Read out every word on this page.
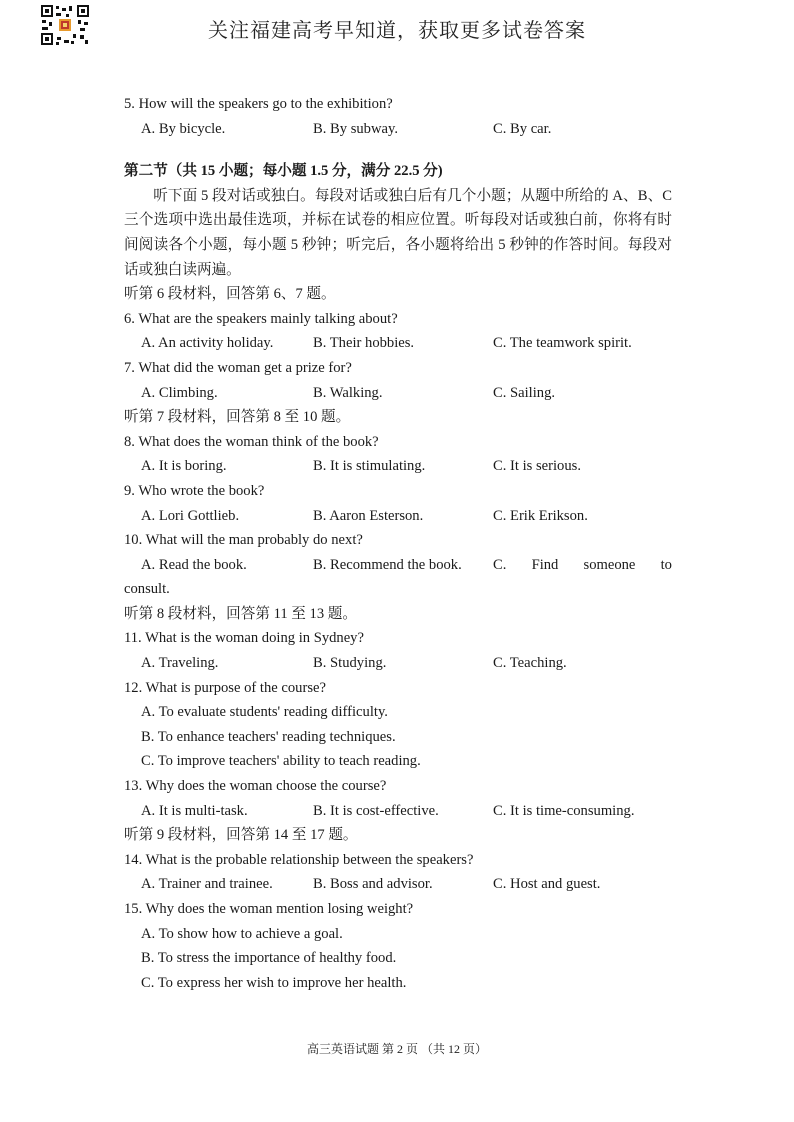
关注福建高考早知道，获取更多试卷答案
5. How will the speakers go to the exhibition?
A. By bicycle.	B. By subway.	C. By car.
第二节（共 15 小题；每小题 1.5 分，满分 22.5 分)

听下面 5 段对话或独白。每段对话或独白后有几个小题；从题中所给的 A、B、C 三个选项中选出最佳选项，并标在试卷的相应位置。听每段对话或独白前，你将有时间阅读各个小题，每小题 5 秒钟；听完后，各小题将给出 5 秒钟的作答时间。每段对话或独白读两遍。

听第 6 段材料，回答第 6、7 题。
6. What are the speakers mainly talking about?
A. An activity holiday.	B. Their hobbies.	C. The teamwork spirit.
7. What did the woman get a prize for?
A. Climbing.	B. Walking.	C. Sailing.
听第 7 段材料，回答第 8 至 10 题。
8. What does the woman think of the book?
A. It is boring.	B. It is stimulating.	C. It is serious.
9. Who wrote the book?
A. Lori Gottlieb.	B. Aaron Esterson.	C. Erik Erikson.
10. What will the man probably do next?
A. Read the book.	B. Recommend the book. C. Find someone to
consult.
听第 8 段材料，回答第 11 至 13 题。
11. What is the woman doing in Sydney?
A. Traveling.	B. Studying.	C. Teaching.
12. What is purpose of the course?
A. To evaluate students' reading difficulty.
B. To enhance teachers' reading techniques.
C. To improve teachers' ability to teach reading.
13. Why does the woman choose the course?
A. It is multi-task.	B. It is cost-effective.	C. It is time-consuming.
听第 9 段材料，回答第 14 至 17 题。
14. What is the probable relationship between the speakers?
A. Trainer and trainee.	B. Boss and advisor.	C. Host and guest.
15. Why does the woman mention losing weight?
A. To show how to achieve a goal.
B. To stress the importance of healthy food.
C. To express her wish to improve her health.
高三英语试题 第 2 页 （共 12 页）
